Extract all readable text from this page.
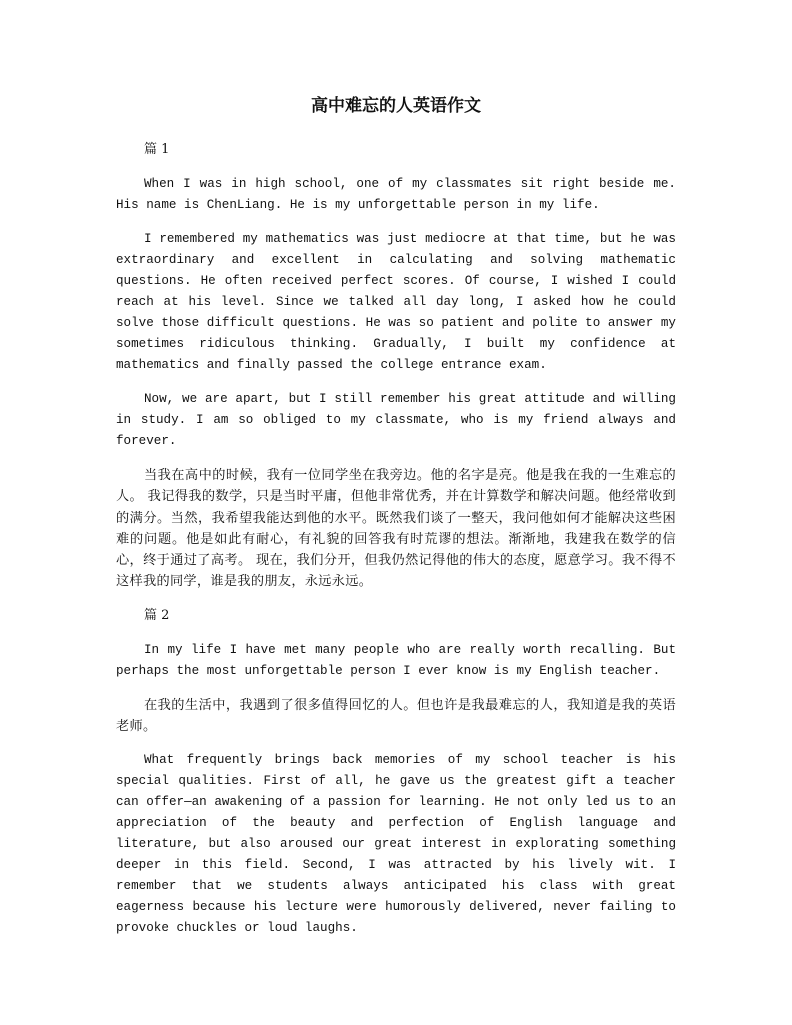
高中难忘的人英语作文
篇 1

When I was in high school, one of my classmates sit right beside me. His name is ChenLiang. He is my unforgettable person in my life.

I remembered my mathematics was just mediocre at that time, but he was extraordinary and excellent in calculating and solving mathematic questions. He often received perfect scores. Of course, I wished I could reach at his level. Since we talked all day long, I asked how he could solve those difficult questions. He was so patient and polite to answer my sometimes ridiculous thinking. Gradually, I built my confidence at mathematics and finally passed the college entrance exam.

Now, we are apart, but I still remember his great attitude and willing in study. I am so obliged to my classmate, who is my friend always and forever.

当我在高中的时候，我有一位同学坐在我旁边。他的名字是亮。他是我在我的一生难忘的人。 我记得我的数学，只是当时平庸，但他非常优秀，并在计算数学和解决问题。他经常收到的满分。当然，我希望我能达到他的水平。既然我们谈了一整天，我问他如何才能解决这些困难的问题。他是如此有耐心，有礼貌的回答我有时荒谬的想法。渐渐地，我建我在数学的信心，终于通过了高考。 现在，我们分开，但我仍然记得他的伟大的态度，愿意学习。我不得不这样我的同学，谁是我的朋友，永远永远。

篇 2

In my life I have met many people who are really worth recalling. But perhaps the most unforgettable person I ever know is my English teacher.

在我的生活中，我遇到了很多值得回忆的人。但也许是我最难忘的人，我知道是我的英语老师。

What frequently brings back memories of my school teacher is his special qualities. First of all, he gave us the greatest gift a teacher can offer—an awakening of a passion for learning. He not only led us to an appreciation of the beauty and perfection of English language and literature, but also aroused our great interest in explorating something deeper in this field. Second, I was attracted by his lively wit. I remember that we students always anticipated his class with great eagerness because his lecture were humorously delivered, never failing to provoke chuckles or loud laughs.
